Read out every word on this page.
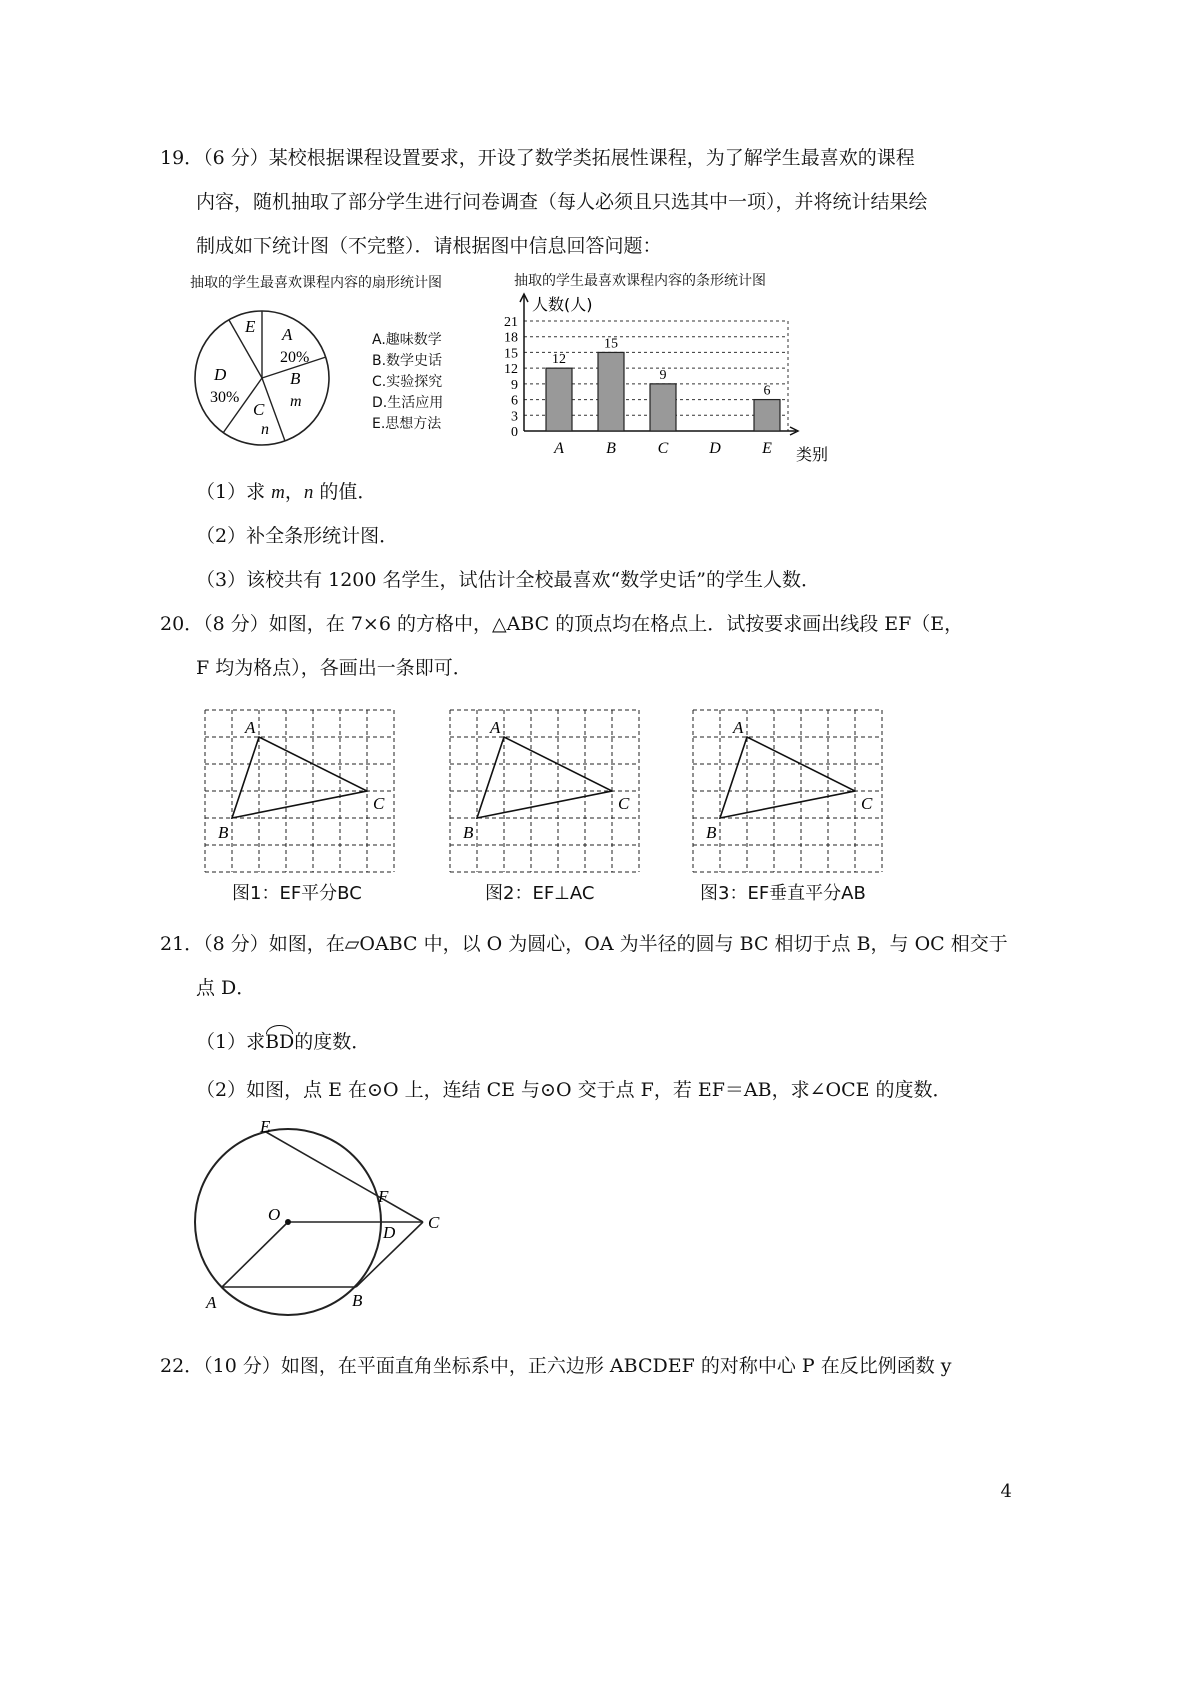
19．（6 分）某校根据课程设置要求，开设了数学类拓展性课程，为了解学生最喜欢的课程
内容，随机抽取了部分学生进行问卷调查（每人必须且只选其中一项），并将统计结果绘
制成如下统计图（不完整）．请根据图中信息回答问题：
抽取的学生最喜欢课程内容的扇形统计图
E A
20%
B
m
C
n
D
30%
A.趣味数学
B.数学史话
C.实验探究
D.生活应用
E.思想方法
抽取的学生最喜欢课程内容的条形统计图
人数(人)
类别
0
3
6
9
12
15
18
21
12
A
15
B
9
C	D
6
E
（1）求 m，n 的值．
（2）补全条形统计图．
（3）该校共有 1200 名学生，试估计全校最喜欢“数学史话”的学生人数．
20．（8 分）如图，在 7×6 的方格中，△ABC 的顶点均在格点上．试按要求画出线段 EF（E，
F 均为格点），各画出一条即可．
A
B
C
A
B
C
A
B
C
图1：EF平分BC	图2：EF⊥AC	图3：EF垂直平分AB
21．（8 分）如图，在▱OABC 中，以 O 为圆心，OA 为半径的圆与 BC 相切于点 B，与 OC 相交于
点 D．
（1）求BD的度数．
（2）如图，点 E 在⊙O 上，连结 CE 与⊙O 交于点 F，若 EF＝AB，求∠OCE 的度数．
E
F
O	C
D
A	B
22．（10 分）如图，在平面直角坐标系中，正六边形 ABCDEF 的对称中心 P 在反比例函数 y
4
